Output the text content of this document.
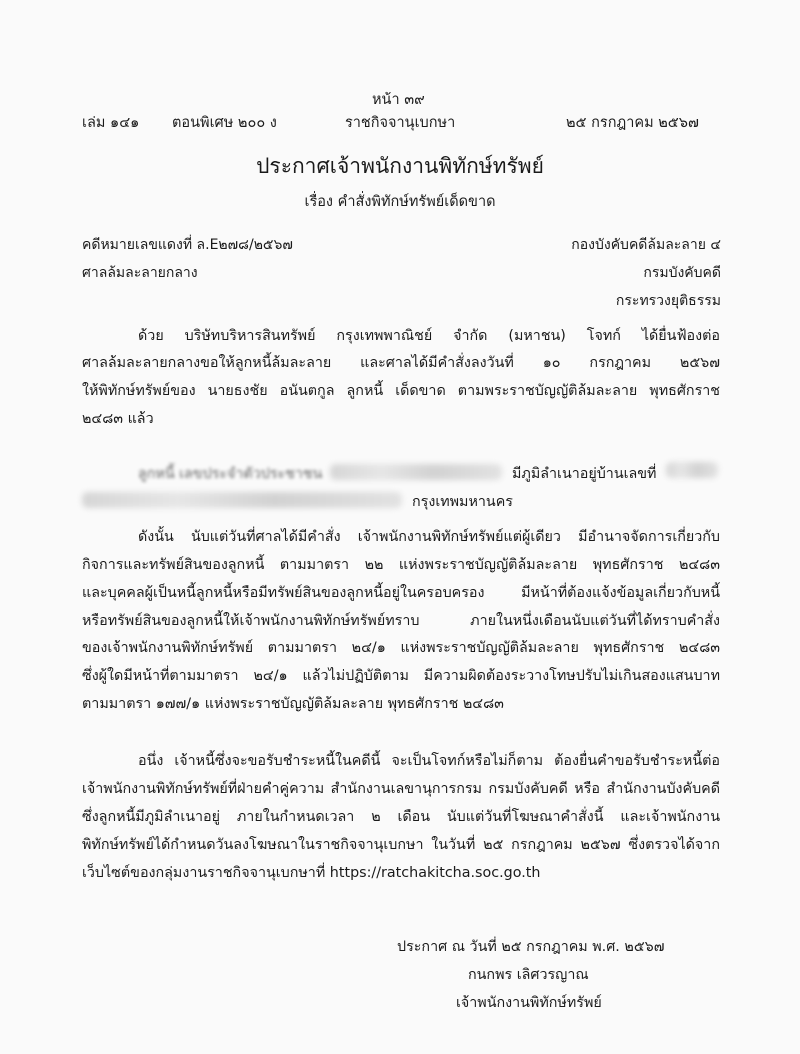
หน้า ๓๙
เล่ม ๑๔๑ ตอนพิเศษ ๒๐๐ ง	ราชกิจจานุเบกษา	๒๕ กรกฎาคม ๒๕๖๗
ประกาศเจ้าพนักงานพิทักษ์ทรัพย์
เรื่อง คำสั่งพิทักษ์ทรัพย์เด็ดขาด
คดีหมายเลขแดงที่ ล.E๒๗๘/๒๕๖๗
ศาลล้มละลายกลาง
กองบังคับคดีล้มละลาย ๔
กรมบังคับคดี
กระทรวงยุติธรรม
ด้วย บริษัทบริหารสินทรัพย์ กรุงเทพพาณิชย์ จำกัด (มหาชน) โจทก์ ได้ยื่นฟ้องต่อ
ศาลล้มละลายกลางขอให้ลูกหนี้ล้มละลาย และศาลได้มีคำสั่งลงวันที่ ๑๐ กรกฎาคม ๒๕๖๗
ให้พิทักษ์ทรัพย์ของ นายธงชัย อนันตกูล ลูกหนี้ เด็ดขาด ตามพระราชบัญญัติล้มละลาย พุทธศักราช
๒๔๘๓ แล้ว
ลูกหนี้ เลขประจำตัวประชาชน	มีภูมิลำเนาอยู่บ้านเลขที่
กรุงเทพมหานคร
ดังนั้น นับแต่วันที่ศาลได้มีคำสั่ง เจ้าพนักงานพิทักษ์ทรัพย์แต่ผู้เดียว มีอำนาจจัดการเกี่ยวกับ
กิจการและทรัพย์สินของลูกหนี้ ตามมาตรา ๒๒ แห่งพระราชบัญญัติล้มละลาย พุทธศักราช ๒๔๘๓
และบุคคลผู้เป็นหนี้ลูกหนี้หรือมีทรัพย์สินของลูกหนี้อยู่ในครอบครอง มีหน้าที่ต้องแจ้งข้อมูลเกี่ยวกับหนี้
หรือทรัพย์สินของลูกหนี้ให้เจ้าพนักงานพิทักษ์ทรัพย์ทราบ ภายในหนึ่งเดือนนับแต่วันที่ได้ทราบคำสั่ง
ของเจ้าพนักงานพิทักษ์ทรัพย์ ตามมาตรา ๒๔/๑ แห่งพระราชบัญญัติล้มละลาย พุทธศักราช ๒๔๘๓
ซึ่งผู้ใดมีหน้าที่ตามมาตรา ๒๔/๑ แล้วไม่ปฏิบัติตาม มีความผิดต้องระวางโทษปรับไม่เกินสองแสนบาท
ตามมาตรา ๑๗๗/๑ แห่งพระราชบัญญัติล้มละลาย พุทธศักราช ๒๔๘๓
อนึ่ง เจ้าหนี้ซึ่งจะขอรับชำระหนี้ในคดีนี้ จะเป็นโจทก์หรือไม่ก็ตาม ต้องยื่นคำขอรับชำระหนี้ต่อ
เจ้าพนักงานพิทักษ์ทรัพย์ที่ฝ่ายคำคู่ความ สำนักงานเลขานุการกรม กรมบังคับคดี หรือ สำนักงานบังคับคดี
ซึ่งลูกหนี้มีภูมิลำเนาอยู่ ภายในกำหนดเวลา ๒ เดือน นับแต่วันที่โฆษณาคำสั่งนี้ และเจ้าพนักงาน
พิทักษ์ทรัพย์ได้กำหนดวันลงโฆษณาในราชกิจจานุเบกษา ในวันที่ ๒๕ กรกฎาคม ๒๕๖๗ ซึ่งตรวจได้จาก
เว็บไซต์ของกลุ่มงานราชกิจจานุเบกษาที่ https://ratchakitcha.soc.go.th
ประกาศ ณ วันที่ ๒๕ กรกฎาคม พ.ศ. ๒๕๖๗
กนกพร เลิศวรญาณ
เจ้าพนักงานพิทักษ์ทรัพย์
